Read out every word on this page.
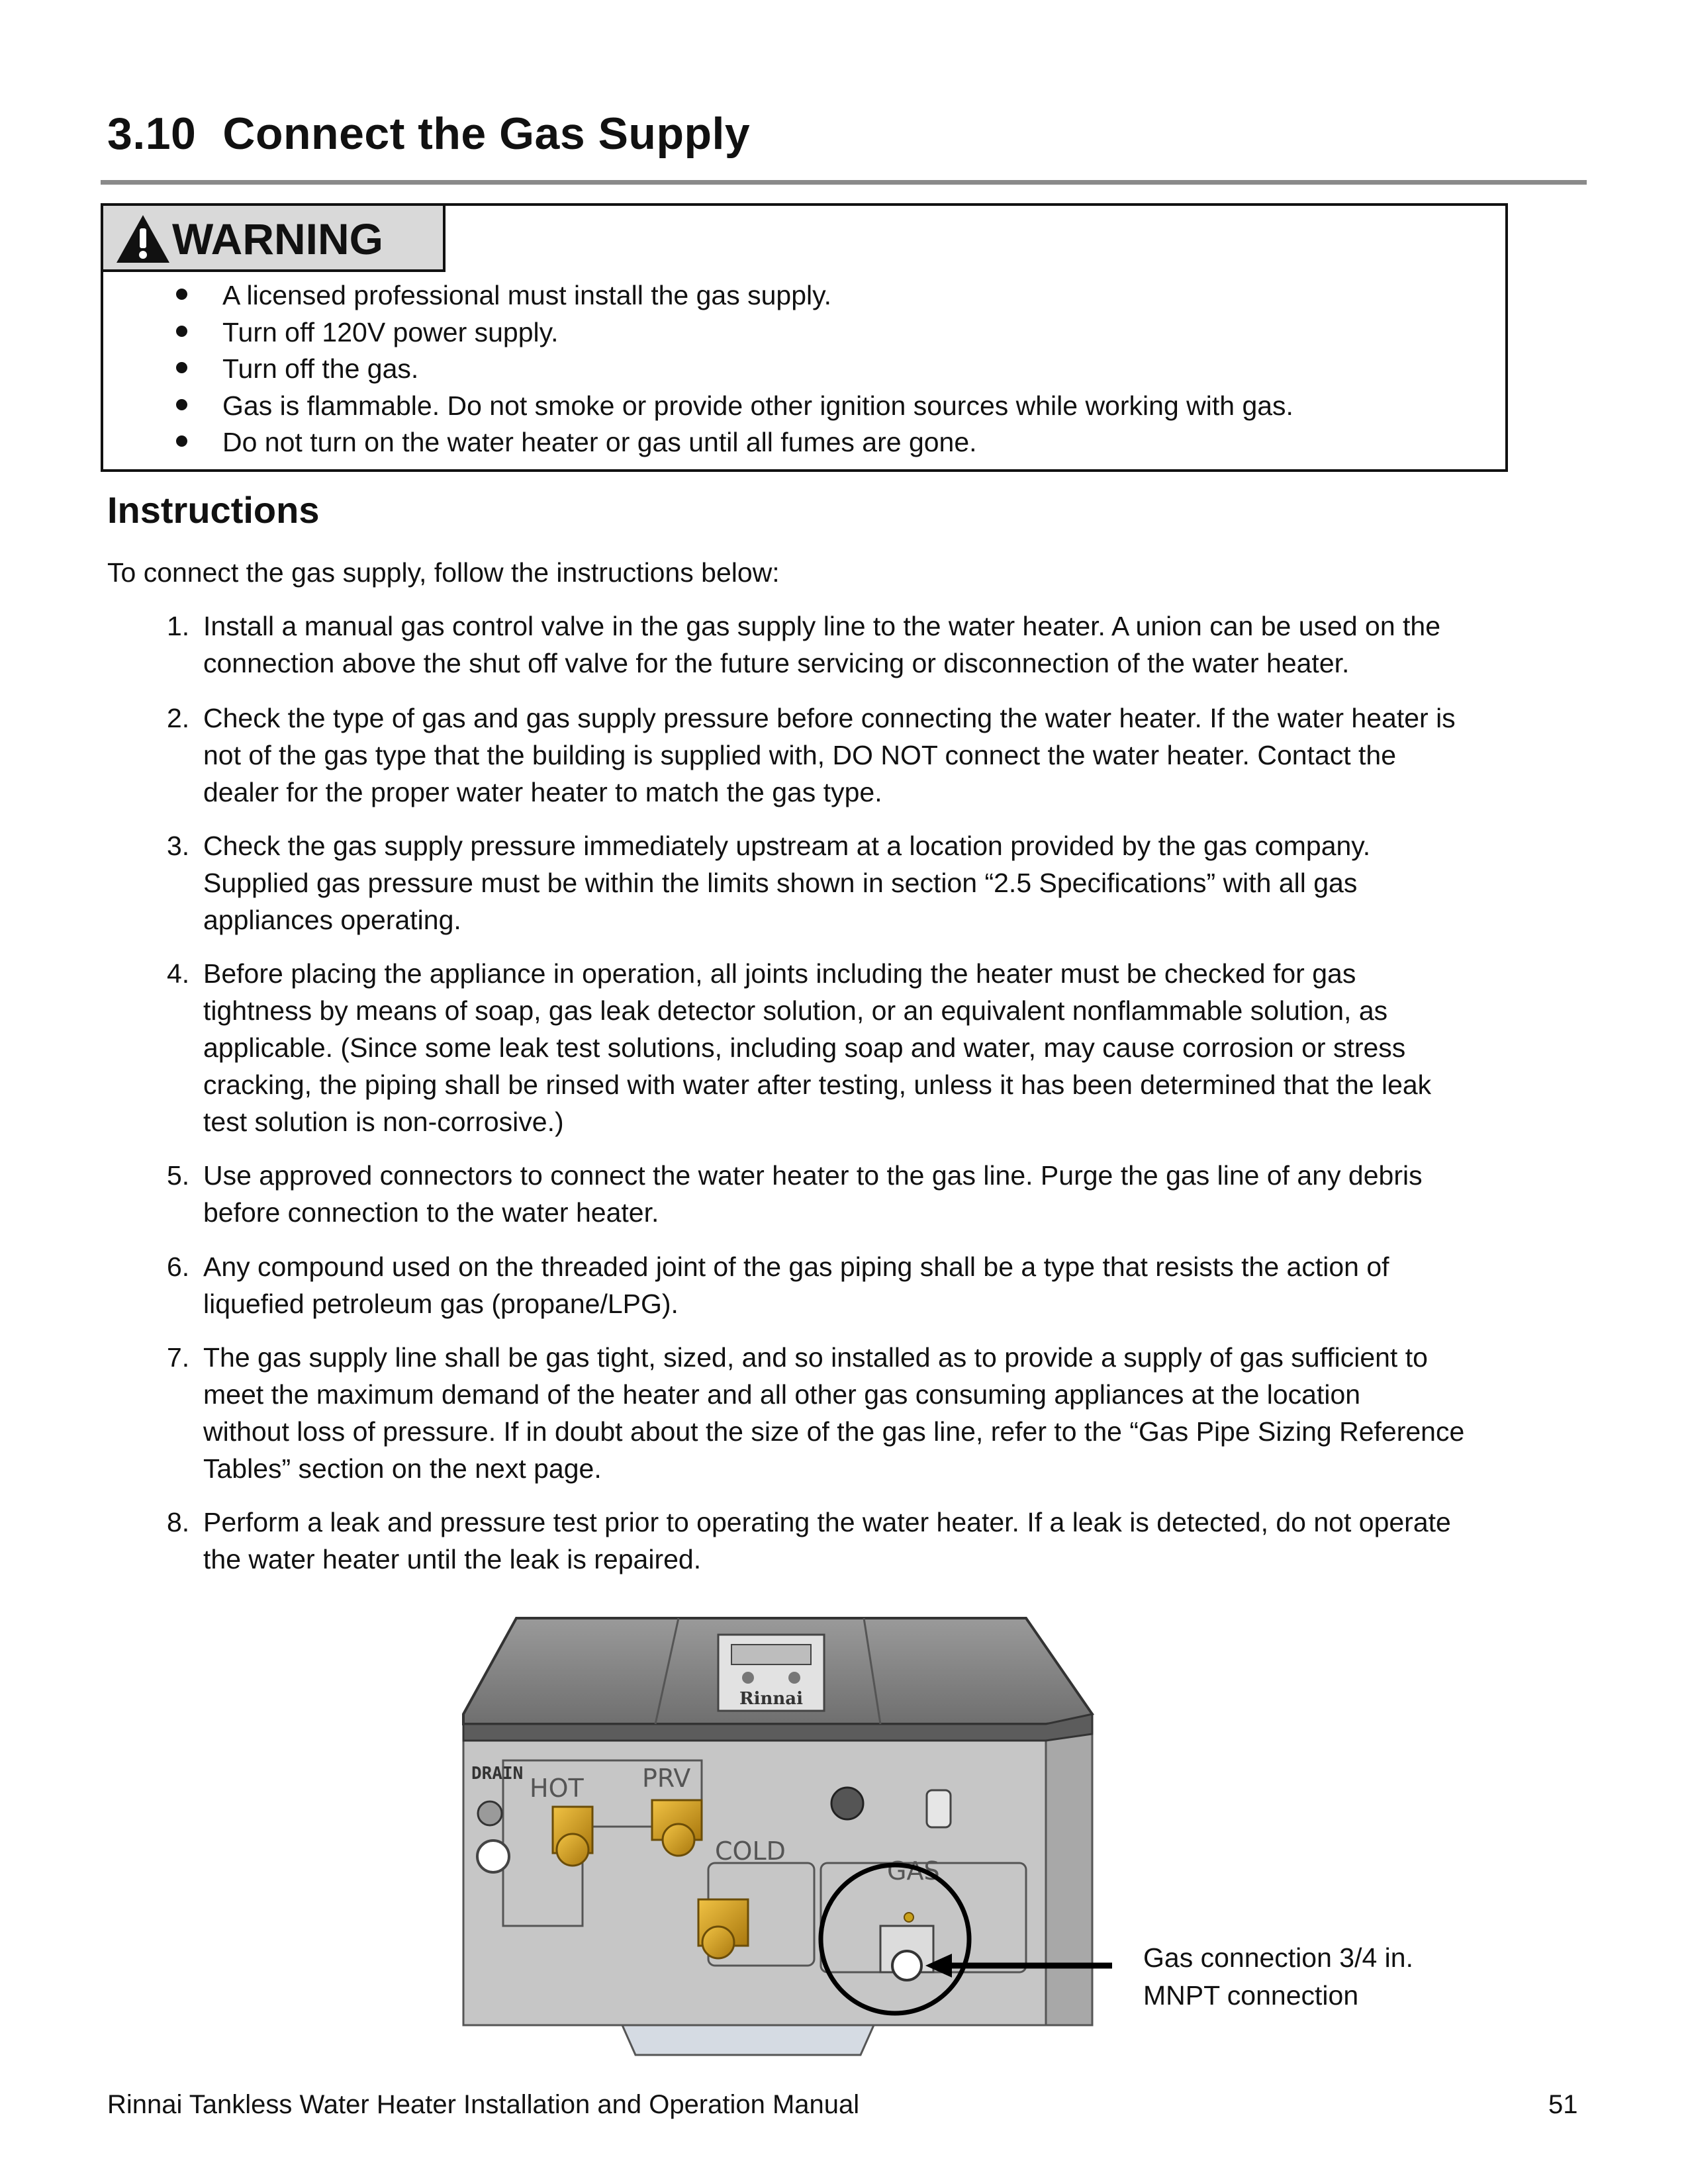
3.10 Connect the Gas Supply
WARNING
A licensed professional must install the gas supply.
Turn off 120V power supply.
Turn off the gas.
Gas is flammable. Do not smoke or provide other ignition sources while working with gas.
Do not turn on the water heater or gas until all fumes are gone.
Instructions
To connect the gas supply, follow the instructions below:
1. Install a manual gas control valve in the gas supply line to the water heater. A union can be used on the
connection above the shut off valve for the future servicing or disconnection of the water heater.
2. Check the type of gas and gas supply pressure before connecting the water heater. If the water heater is
not of the gas type that the building is supplied with, DO NOT connect the water heater. Contact the
dealer for the proper water heater to match the gas type.
3. Check the gas supply pressure immediately upstream at a location provided by the gas company.
Supplied gas pressure must be within the limits shown in section “2.5 Specifications” with all gas
appliances operating.
4. Before placing the appliance in operation, all joints including the heater must be checked for gas
tightness by means of soap, gas leak detector solution, or an equivalent nonflammable solution, as
applicable. (Since some leak test solutions, including soap and water, may cause corrosion or stress
cracking, the piping shall be rinsed with water after testing, unless it has been determined that the leak
test solution is non-corrosive.)
5. Use approved connectors to connect the water heater to the gas line. Purge the gas line of any debris
before connection to the water heater.
6. Any compound used on the threaded joint of the gas piping shall be a type that resists the action of
liquefied petroleum gas (propane/LPG).
7. The gas supply line shall be gas tight, sized, and so installed as to provide a supply of gas sufficient to
meet the maximum demand of the heater and all other gas consuming appliances at the location
without loss of pressure. If in doubt about the size of the gas line, refer to the “Gas Pipe Sizing Reference
Tables” section on the next page.
8. Perform a leak and pressure test prior to operating the water heater. If a leak is detected, do not operate
the water heater until the leak is repaired.
Rinnai
DRAIN HOT PRV
COLD
GAS
Gas connection 3/4 in.
MNPT connection
Rinnai Tankless Water Heater Installation and Operation Manual	51
